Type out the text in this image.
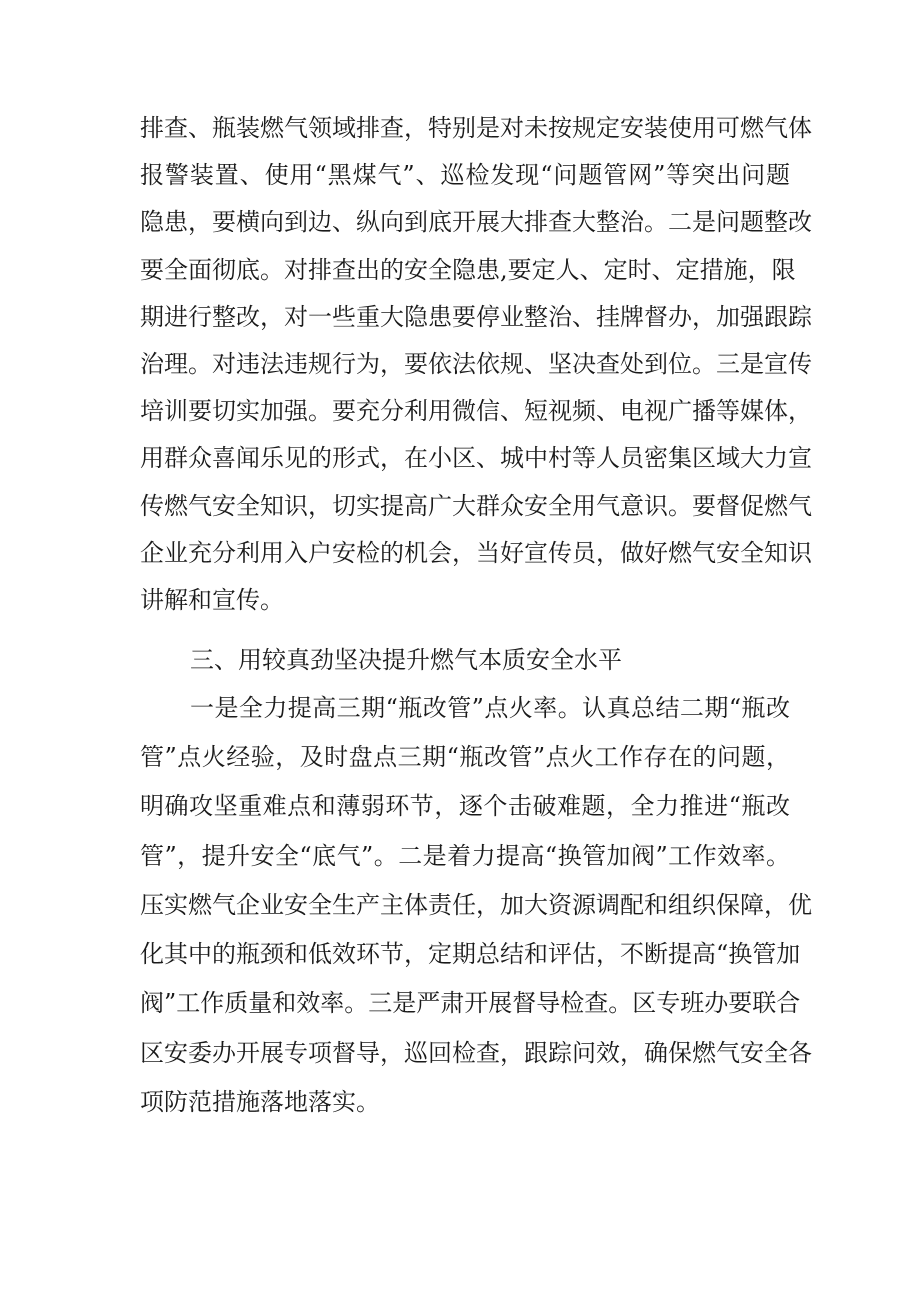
排查、瓶装燃气领域排查，特别是对未按规定安装使用可燃气体
报警装置、使用“黑煤气”、巡检发现“问题管网”等突出问题
隐患，要横向到边、纵向到底开展大排查大整治。二是问题整改
要全面彻底。对排查出的安全隐患,要定人、定时、定措施，限
期进行整改，对一些重大隐患要停业整治、挂牌督办，加强跟踪
治理。对违法违规行为，要依法依规、坚决查处到位。三是宣传
培训要切实加强。要充分利用微信、短视频、电视广播等媒体，
用群众喜闻乐见的形式，在小区、城中村等人员密集区域大力宣
传燃气安全知识，切实提高广大群众安全用气意识。要督促燃气
企业充分利用入户安检的机会，当好宣传员，做好燃气安全知识
讲解和宣传。
三、用较真劲坚决提升燃气本质安全水平
一是全力提高三期“瓶改管”点火率。认真总结二期“瓶改
管”点火经验，及时盘点三期“瓶改管”点火工作存在的问题，
明确攻坚重难点和薄弱环节，逐个击破难题，全力推进“瓶改
管”，提升安全“底气”。二是着力提高“换管加阀”工作效率。
压实燃气企业安全生产主体责任，加大资源调配和组织保障，优
化其中的瓶颈和低效环节，定期总结和评估，不断提高“换管加
阀”工作质量和效率。三是严肃开展督导检查。区专班办要联合
区安委办开展专项督导，巡回检查，跟踪问效，确保燃气安全各
项防范措施落地落实。
